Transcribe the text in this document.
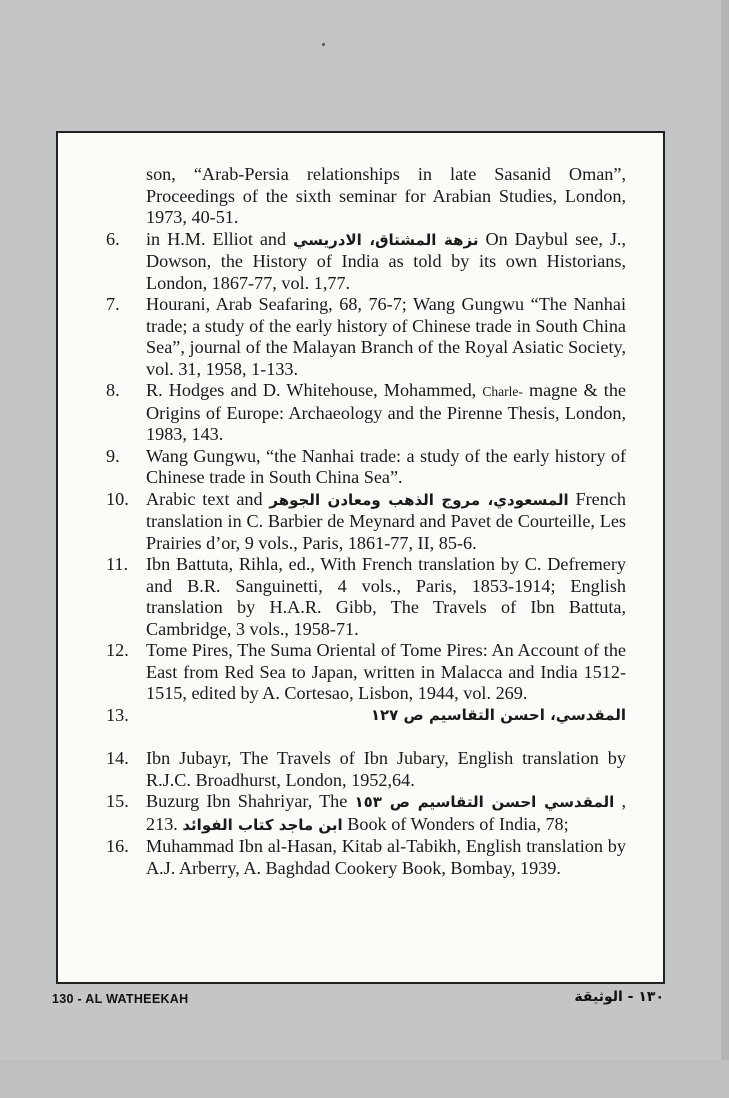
son, “Arab-Persia relationships in late Sasanid Oman”, Proceedings of the sixth seminar for Arabian Studies, London, 1973, 40-51.
6.	in H.M. Elliot and نزهة المشتاق، الادريسي On Daybul see, J., Dowson, the History of India as told by its own Historians, London, 1867-77, vol. 1,77.
7.	Hourani, Arab Seafaring, 68, 76-7; Wang Gungwu “The Nanhai trade; a study of the early history of Chinese trade in South China Sea”, journal of the Malayan Branch of the Royal Asiatic Society, vol. 31, 1958, 1-133.
8.	R. Hodges and D. Whitehouse, Mohammed, Charle- magne & the Origins of Europe: Archaeology and the Pirenne Thesis, London, 1983, 143.
9.	Wang Gungwu, “the Nanhai trade: a study of the early history of Chinese trade in South China Sea”.
10. Arabic text and المسعودي، مروج الذهب ومعادن الجوهر French translation in C. Barbier de Meynard and Pavet de Courteille, Les Prairies d’or, 9 vols., Paris, 1861-77, II, 85-6.
11. Ibn Battuta, Rihla, ed., With French translation by C. Defremery and B.R. Sanguinetti, 4 vols., Paris, 1853-1914; English translation by H.A.R. Gibb, The Travels of Ibn Battuta, Cambridge, 3 vols., 1958-71.
12. Tome Pires, The Suma Oriental of Tome Pires: An Account of the East from Red Sea to Japan, written in Malacca and India 1512-1515, edited by A. Cortesao, Lisbon, 1944, vol. 269.
13.	المقدسي، احسن التقاسيم ص ١٢٧
14. Ibn Jubayr, The Travels of Ibn Jubary, English translation by R.J.C. Broadhurst, London, 1952,64.
15. Buzurg Ibn Shahriyar, The المقدسي احسن التقاسيم ص ١٥٣ , 213. ابن ماجد كتاب الفوائد Book of Wonders of India, 78;
16. Muhammad Ibn al-Hasan, Kitab al-Tabikh, English translation by A.J. Arberry, A. Baghdad Cookery Book, Bombay, 1939.
130 - AL WATHEEKAH	١٣٠ - الوثيقة
